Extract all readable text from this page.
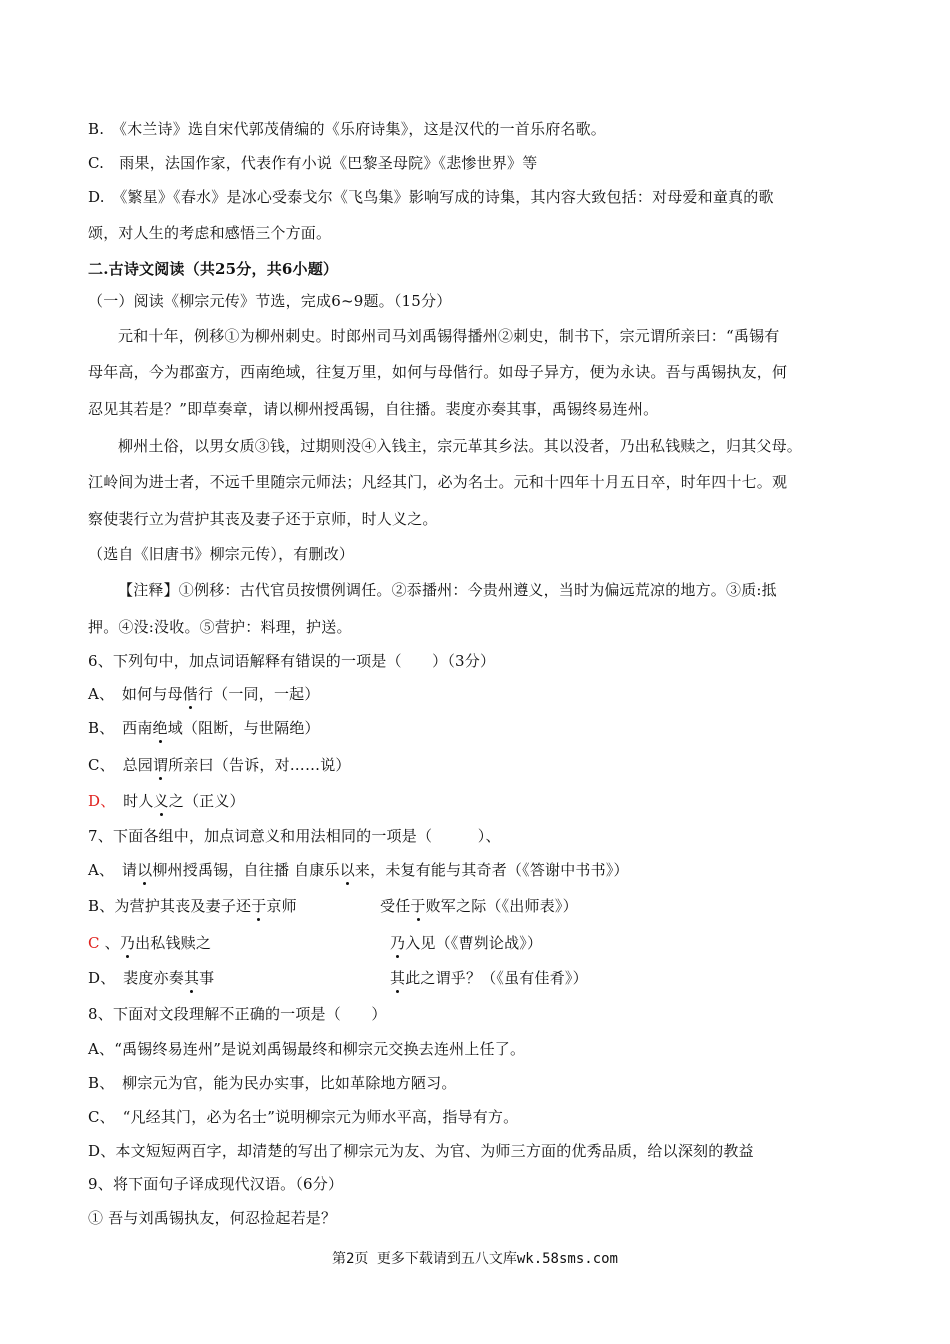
B.　《木兰诗》选自宋代郭茂倩编的《乐府诗集》，这是汉代的一首乐府名歌。
C.　雨果，法国作家，代表作有小说《巴黎圣母院》《悲惨世界》等
D.　《繁星》《春水》是冰心受泰戈尔《飞鸟集》影响写成的诗集，其内容大致包括：对母爱和童真的歌
颂，对人生的考虑和感悟三个方面。
二.古诗文阅读（共25分，共6小题）
（一）阅读《柳宗元传》节选，完成6~9题。（15分）
元和十年，例移①为柳州刺史。时郎州司马刘禹锡得播州②刺史，制书下，宗元谓所亲曰：“禹锡有
母年高，今为郡蛮方，西南绝域，往复万里，如何与母偕行。如母子异方，便为永诀。吾与禹锡执友，何
忍见其若是？”即草奏章，请以柳州授禹锡，自往播。裴度亦奏其事，禹锡终易连州。
柳州土俗，以男女质③钱，过期则没④入钱主，宗元革其乡法。其以没者，乃出私钱赎之，归其父母。
江岭间为进士者，不远千里随宗元师法；凡经其门，必为名士。元和十四年十月五日卒，时年四十七。观
察使裴行立为营护其丧及妻子还于京师，时人义之。
（选自《旧唐书》柳宗元传），有删改）
【注释】①例移：古代官员按惯例调任。②忝播州：今贵州遵义，当时为偏远荒凉的地方。③质:抵
押。④没:没收。⑤营护：料理，护送。
6、下列句中，加点词语解释有错误的一项是（　　）（3分）
A、　如何与母偕行（一同，一起）
B、　西南绝域（阻断，与世隔绝）
C、　总园谓所亲曰（告诉，对……说）
D、　时人义之（正义）
7、下面各组中，加点词意义和用法相同的一项是（　　　）、
A、　请以柳州授禹锡，自往播 自康乐以来，未复有能与其奇者（《答谢中书书》）
B、为营护其丧及妻子还于京师	受任于败军之际（《出师表》）
C 、乃出私钱赎之	乃入见（《曹刿论战》）
D、　裴度亦奏其事	其此之谓乎？（《虽有佳肴》）
8、下面对文段理解不正确的一项是（　　）
A、“禹锡终易连州”是说刘禹锡最终和柳宗元交换去连州上任了。
B、　柳宗元为官，能为民办实事，比如革除地方陋习。
C、　“凡经其门，必为名士”说明柳宗元为师水平高，指导有方。
D、本文短短两百字，却清楚的写出了柳宗元为友、为官、为师三方面的优秀品质，给以深刻的教益
9、将下面句子译成现代汉语。（6分）
① 吾与刘禹锡执友，何忍捡起若是？
第2页 更多下载请到五八文库wk.58sms.com
